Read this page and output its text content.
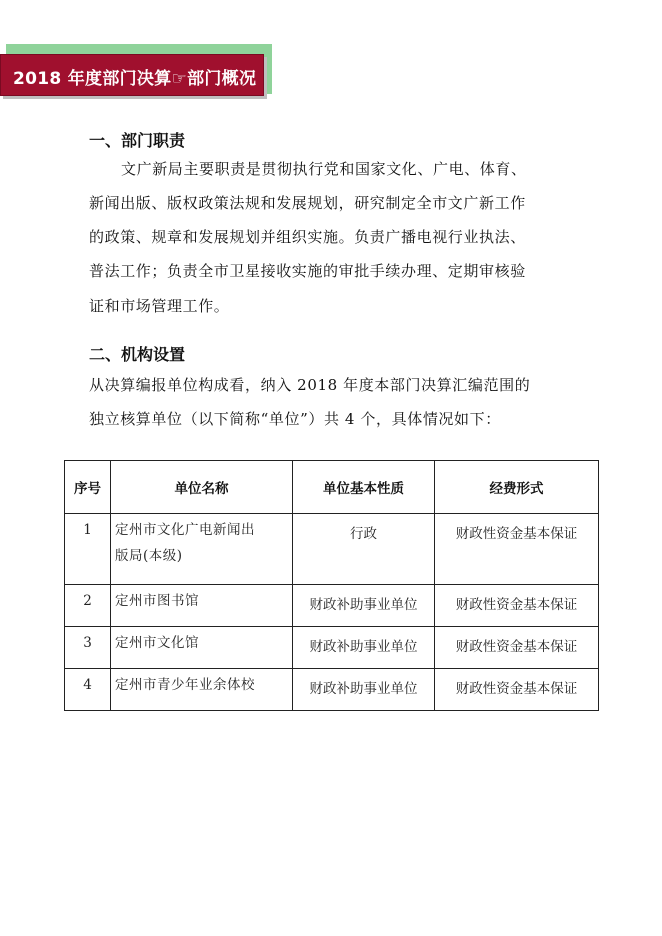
2018 年度部门决算☞部门概况
一、部门职责
文广新局主要职责是贯彻执行党和国家文化、广电、体育、
新闻出版、版权政策法规和发展规划，研究制定全市文广新工作
的政策、规章和发展规划并组织实施。负责广播电视行业执法、
普法工作；负责全市卫星接收实施的审批手续办理、定期审核验
证和市场管理工作。
二、机构设置
从决算编报单位构成看，纳入 2018 年度本部门决算汇编范围的
独立核算单位（以下简称“单位”）共 4 个，具体情况如下：
序号	单位名称	单位基本性质	经费形式
1	定州市文化广电新闻出
版局(本级)	行政	财政性资金基本保证
2	定州市图书馆	财政补助事业单位	财政性资金基本保证
3	定州市文化馆	财政补助事业单位	财政性资金基本保证
4	定州市青少年业余体校	财政补助事业单位	财政性资金基本保证
